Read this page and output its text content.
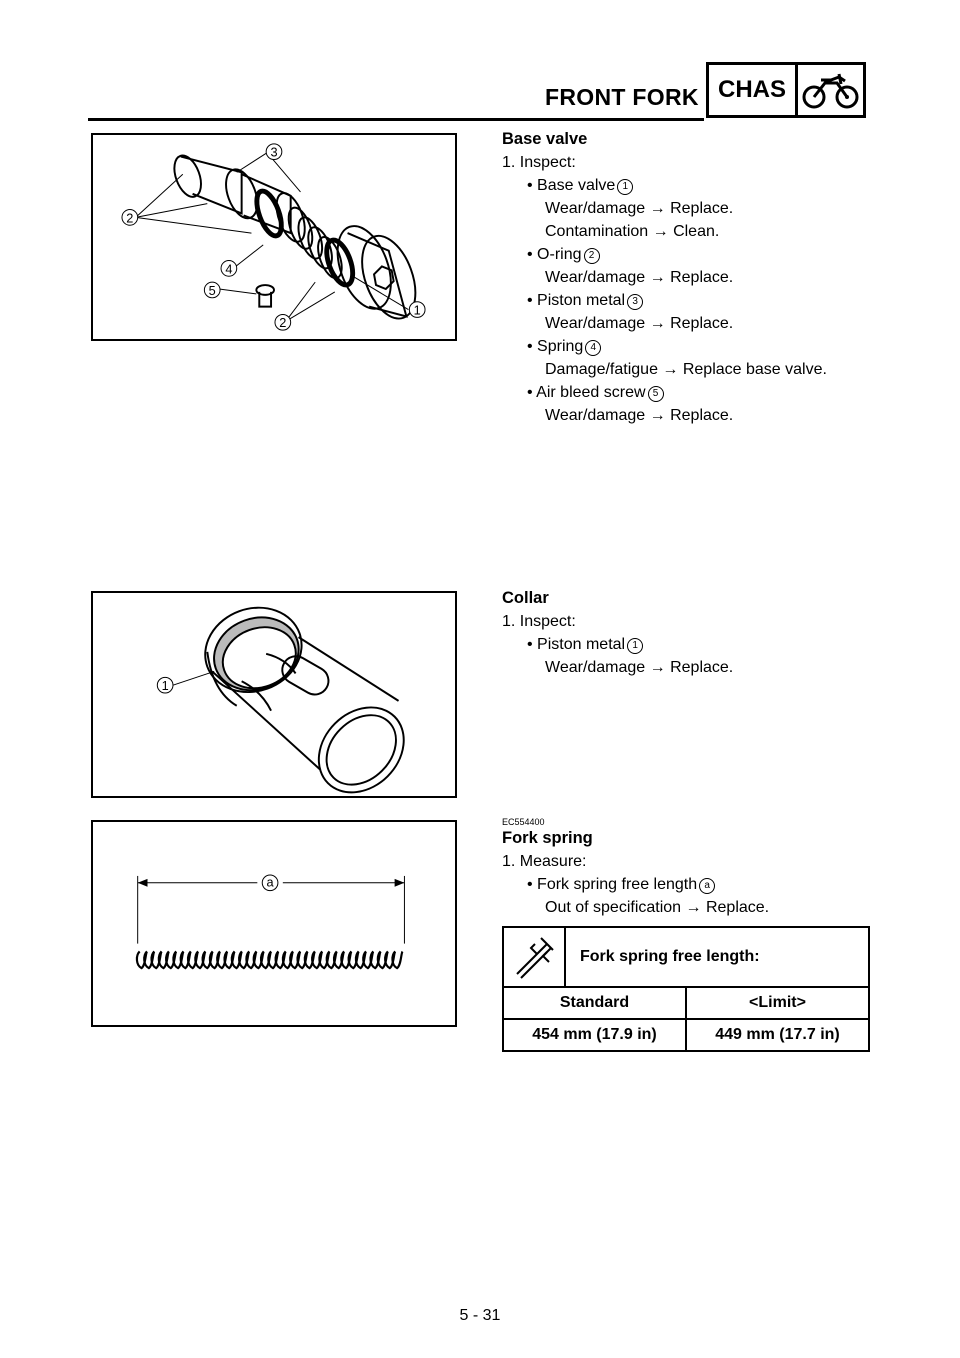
FRONT FORK CHAS
3
2
4
5
2
1
Base valve
1. Inspect:
• Base valve 1
Wear/damage → Replace.
Contamination → Clean.
• O-ring 2
Wear/damage → Replace.
• Piston metal 3
Wear/damage → Replace.
• Spring 4
Damage/fatigue → Replace base valve.
• Air bleed screw 5
Wear/damage → Replace.
1
Collar
1. Inspect:
• Piston metal 1
Wear/damage → Replace.
a
EC554400
Fork spring
1. Measure:
• Fork spring free length a
Out of specification → Replace.
Fork spring free length:
Standard	<Limit>
454 mm (17.9 in)	449 mm (17.7 in)
5 - 31
